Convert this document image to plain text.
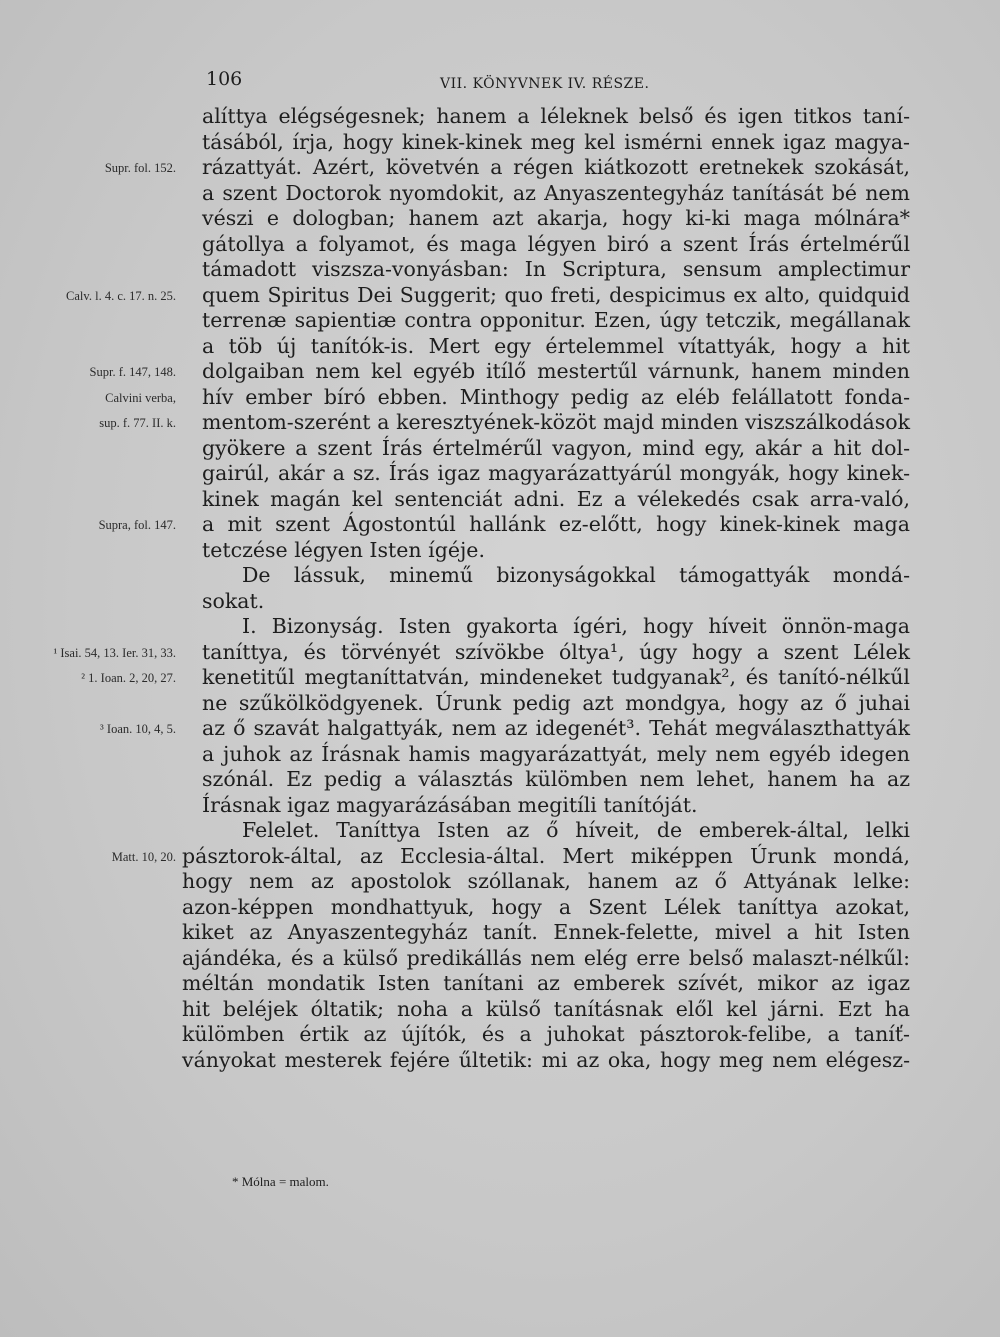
106	VII. KÖNYVNEK IV. RÉSZE.
alíttya elégségesnek; hanem a léleknek belső és igen titkos taní-
tásából, írja, hogy kinek-kinek meg kel ismérni ennek igaz magya-
rázattyát. Azért, követvén a régen kiátkozott eretnekek szokását,
Supr. fol. 152.
a szent Doctorok nyomdokit, az Anyaszentegyház tanítását bé nem
vészi e dologban; hanem azt akarja, hogy ki-ki maga mólnára*
gátollya a folyamot, és maga légyen biró a szent Írás értelmérűl
támadott viszsza-vonyásban: In Scriptura, sensum amplectimur
quem Spiritus Dei Suggerit; quo freti, despicimus ex alto, quidquid
Calv. l. 4. c. 17. n. 25.
terrenæ sapientiæ contra opponitur. Ezen, úgy tetczik, megállanak
a töb új tanítók-is. Mert egy értelemmel vítattyák, hogy a hit
dolgaiban nem kel egyéb itílő mestertűl várnunk, hanem minden
Supr. f. 147, 148.
hív ember bíró ebben. Minthogy pedig az eléb felállatott fonda-
Calvini verba,
mentom-szerént a keresztyének-közöt majd minden viszszálkodások
sup. f. 77. II. k.
gyökere a szent Írás értelmérűl vagyon, mind egy, akár a hit dol-
gairúl, akár a sz. Írás igaz magyarázattyárúl mongyák, hogy kinek-
kinek magán kel sentenciát adni. Ez a vélekedés csak arra-való,
a mit szent Ágostontúl hallánk ez-előtt, hogy kinek-kinek maga
Supra, fol. 147.
tetczése légyen Isten ígéje.
De lássuk, minemű bizonyságokkal támogattyák mondá-
sokat.
I. Bizonyság. Isten gyakorta ígéri, hogy híveit önnön-maga
taníttya, és törvényét szívökbe óltya¹, úgy hogy a szent Lélek
¹ Isai. 54, 13. Ier. 31, 33.
kenetitűl megtaníttatván, mindeneket tudgyanak², és tanító-nélkűl
² 1. Ioan. 2, 20, 27.
ne szűkölködgyenek. Úrunk pedig azt mondgya, hogy az ő juhai
az ő szavát halgattyák, nem az idegenét³. Tehát megválaszthattyák
³ Ioan. 10, 4, 5.
a juhok az Írásnak hamis magyarázattyát, mely nem egyéb idegen
szónál. Ez pedig a választás külömben nem lehet, hanem ha az
Írásnak igaz magyarázásában megitíli tanítóját.
Felelet. Taníttya Isten az ő híveit, de emberek-által, lelki
pásztorok-által, az Ecclesia-által. Mert miképpen Úrunk mondá,
Matt. 10, 20.
hogy nem az apostolok szóllanak, hanem az ő Attyának lelke:
azon-képpen mondhattyuk, hogy a Szent Lélek taníttya azokat,
kiket az Anyaszentegyház tanít. Ennek-felette, mivel a hit Isten
ajándéka, és a külső predikállás nem elég erre belső malaszt-nélkűl:
méltán mondatik Isten tanítani az emberek szívét, mikor az igaz
hit beléjek óltatik; noha a külső tanításnak elől kel járni. Ezt ha
külömben értik az újítók, és a juhokat pásztorok-felibe, a taníť-
ványokat mesterek fejére űltetik: mi az oka, hogy meg nem elégesz-
* Mólna = malom.
